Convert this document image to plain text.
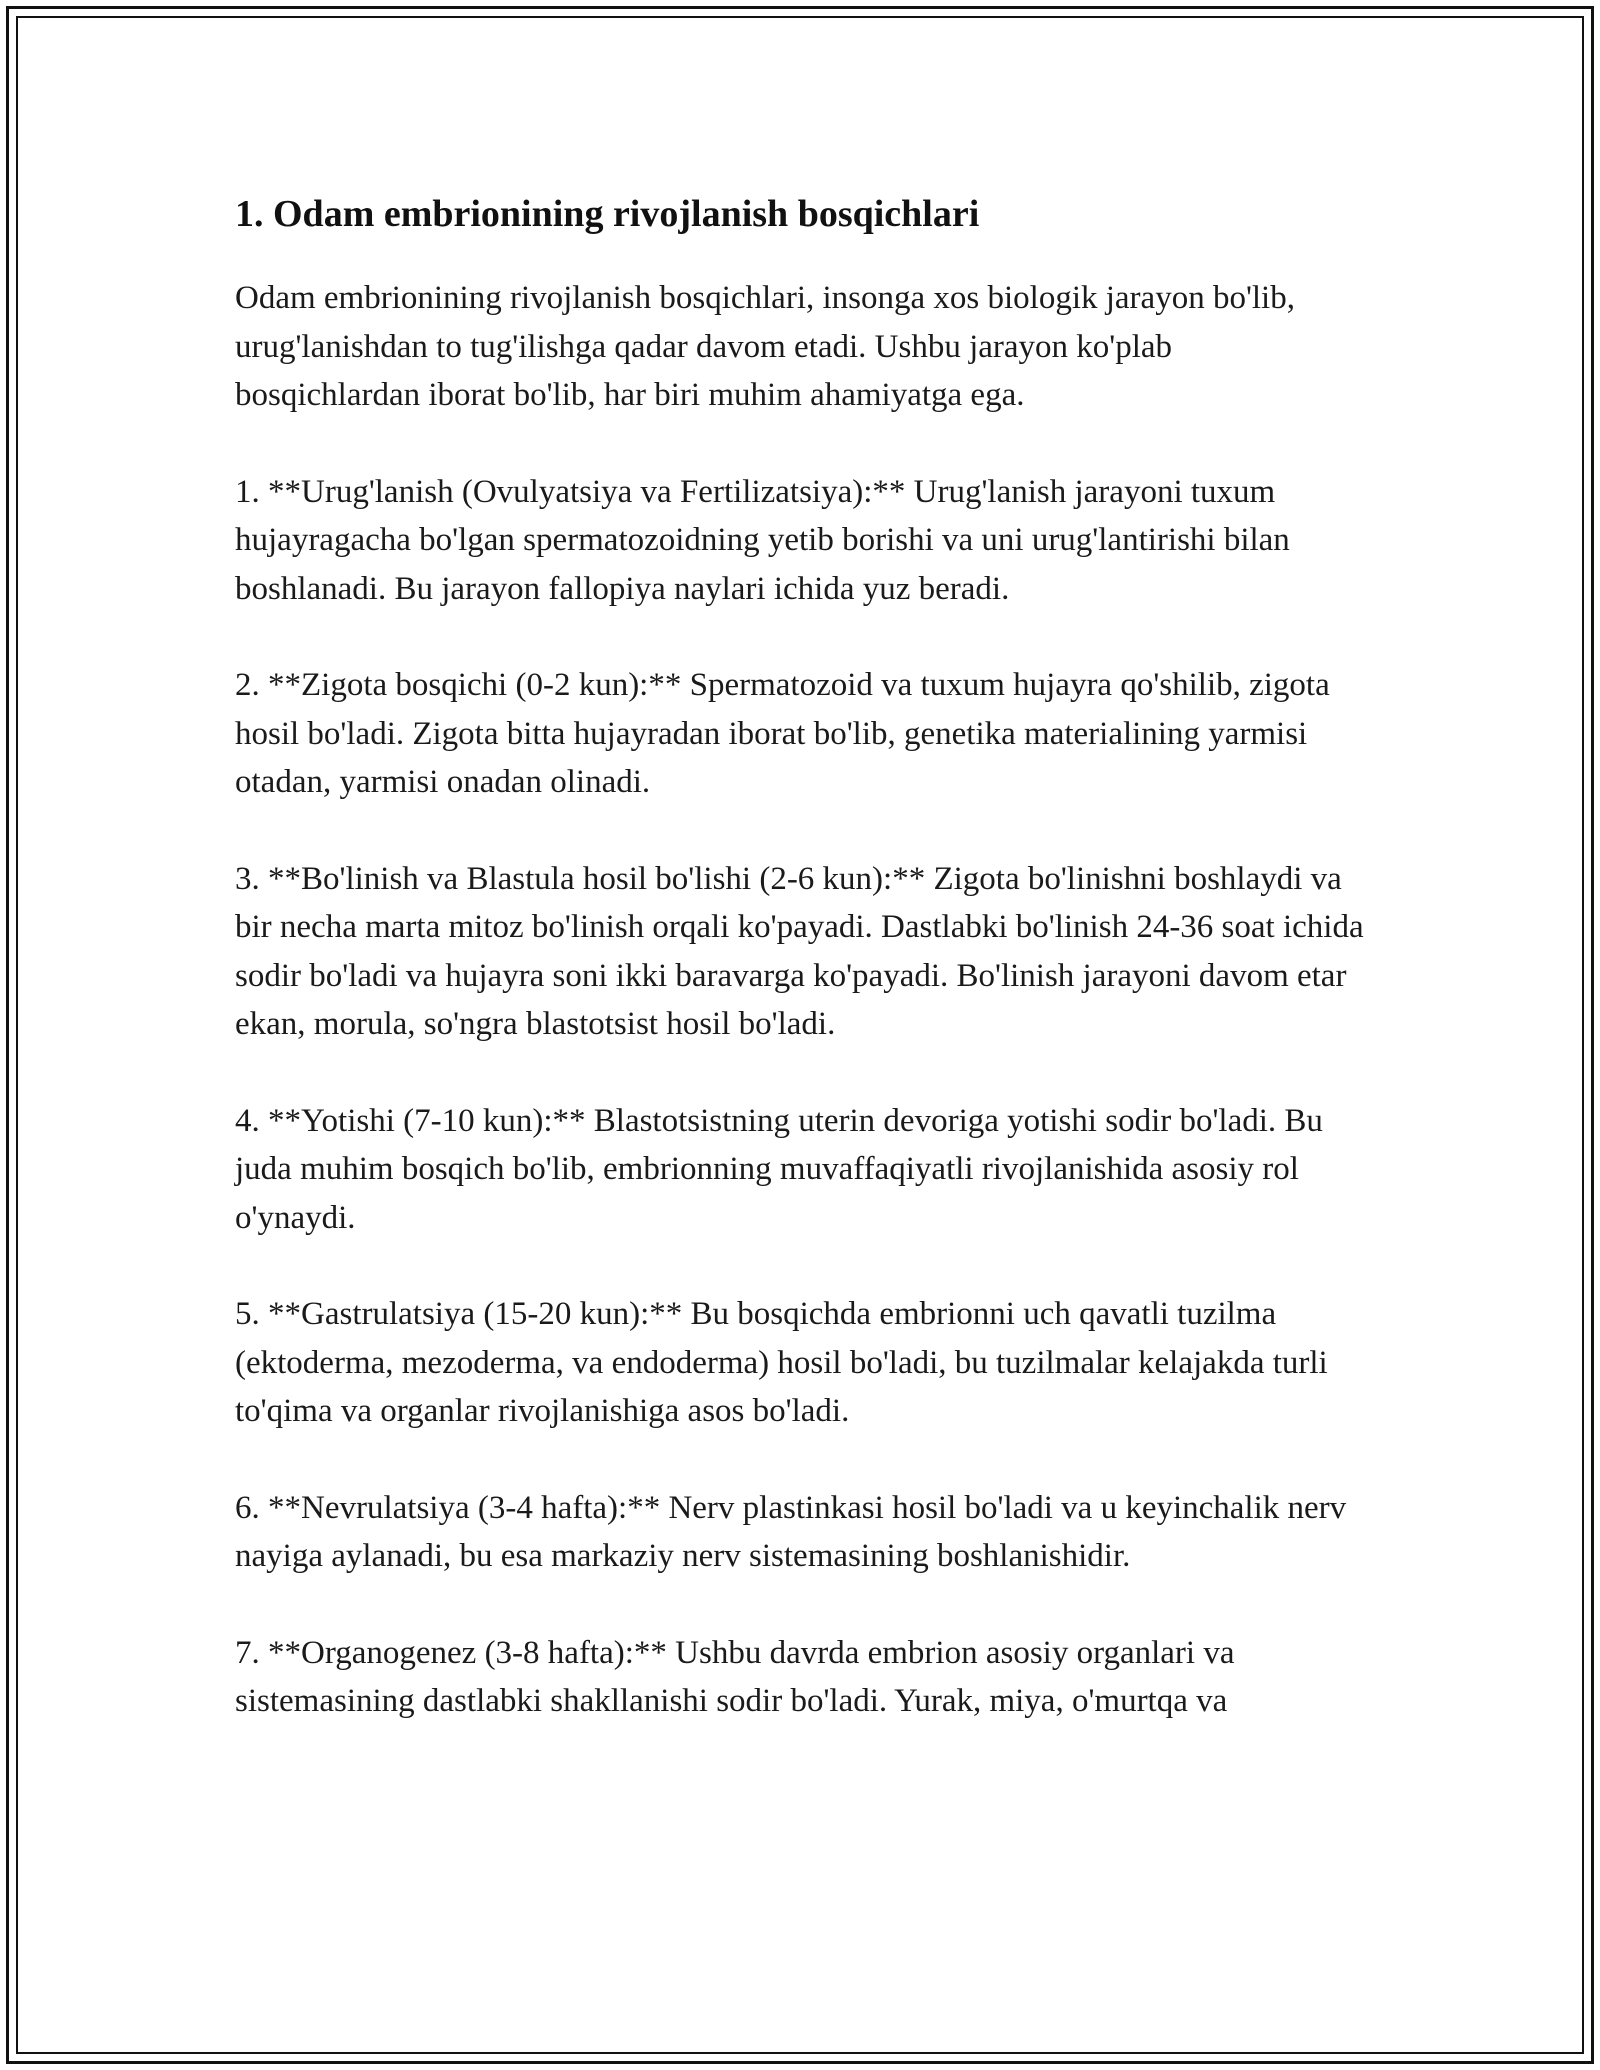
1. Odam embrionining rivojlanish bosqichlari

Odam embrionining rivojlanish bosqichlari, insonga xos biologik jarayon bo'lib, urug'lanishdan to tug'ilishga qadar davom etadi. Ushbu jarayon ko'plab bosqichlardan iborat bo'lib, har biri muhim ahamiyatga ega.

1. **Urug'lanish (Ovulyatsiya va Fertilizatsiya):** Urug'lanish jarayoni tuxum hujayragacha bo'lgan spermatozoidning yetib borishi va uni urug'lantirishi bilan boshlanadi. Bu jarayon fallopiya naylari ichida yuz beradi.

2. **Zigota bosqichi (0-2 kun):** Spermatozoid va tuxum hujayra qo'shilib, zigota hosil bo'ladi. Zigota bitta hujayradan iborat bo'lib, genetika materialining yarmisi otadan, yarmisi onadan olinadi.

3. **Bo'linish va Blastula hosil bo'lishi (2-6 kun):** Zigota bo'linishni boshlaydi va bir necha marta mitoz bo'linish orqali ko'payadi. Dastlabki bo'linish 24-36 soat ichida sodir bo'ladi va hujayra soni ikki baravarga ko'payadi. Bo'linish jarayoni davom etar ekan, morula, so'ngra blastotsist hosil bo'ladi.

4. **Yotishi (7-10 kun):** Blastotsistning uterin devoriga yotishi sodir bo'ladi. Bu juda muhim bosqich bo'lib, embrionning muvaffaqiyatli rivojlanishida asosiy rol o'ynaydi.

5. **Gastrulatsiya (15-20 kun):** Bu bosqichda embrionni uch qavatli tuzilma (ektoderma, mezoderma, va endoderma) hosil bo'ladi, bu tuzilmalar kelajakda turli to'qima va organlar rivojlanishiga asos bo'ladi.

6. **Nevrulatsiya (3-4 hafta):** Nerv plastinkasi hosil bo'ladi va u keyinchalik nerv nayiga aylanadi, bu esa markaziy nerv sistemasining boshlanishidir.

7. **Organogenez (3-8 hafta):** Ushbu davrda embrion asosiy organlari va sistemasining dastlabki shakllanishi sodir bo'ladi. Yurak, miya, o'murtqa va
